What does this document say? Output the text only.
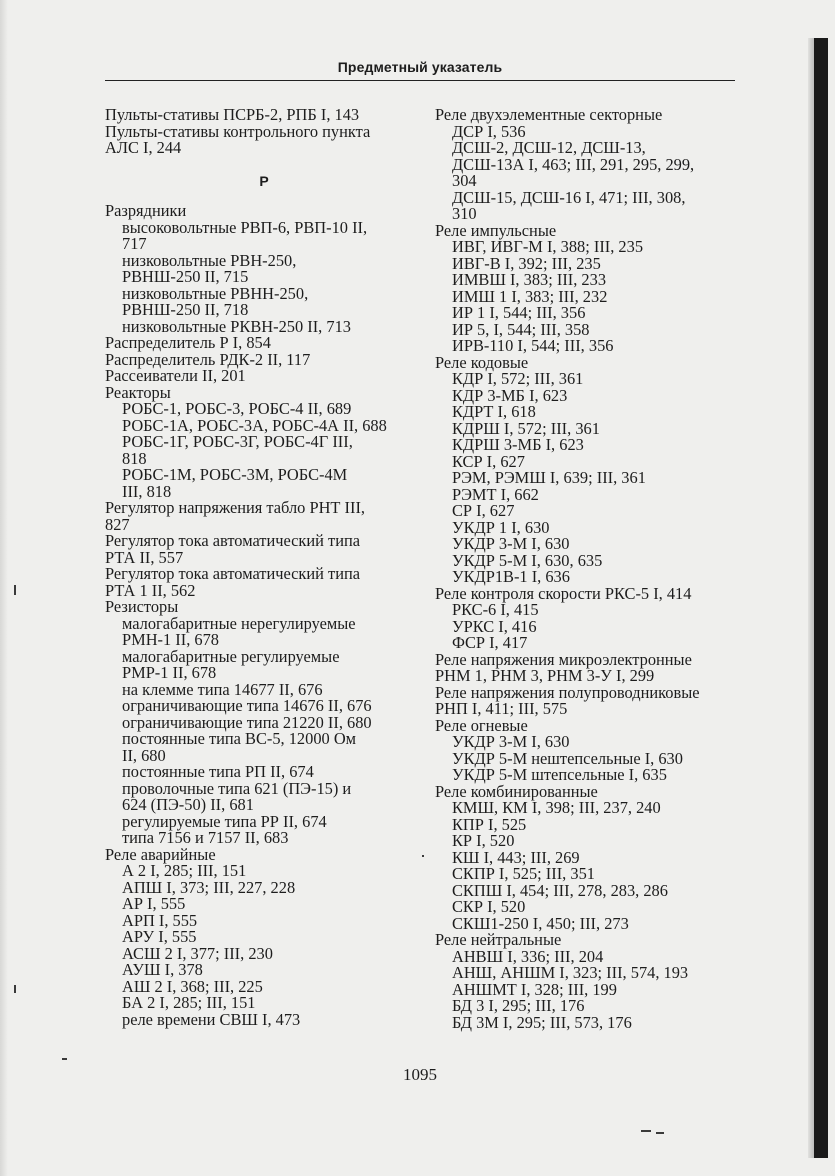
Предметный указатель
Пульты-стативы ПСРБ-2, РПБ I, 143
Пульты-стативы контрольного пункта
АЛС I, 244
Р
Разрядники
высоковольтные РВП-6, РВП-10 II,
717
низковольтные РВН-250,
РВНШ-250 II, 715
низковольтные РВНН-250,
РВНШ-250 II, 718
низковольтные РКВН-250 II, 713
Распределитель Р I, 854
Распределитель РДК-2 II, 117
Рассеиватели II, 201
Реакторы
РОБС-1, РОБС-3, РОБС-4 II, 689
РОБС-1А, РОБС-3А, РОБС-4А II, 688
РОБС-1Г, РОБС-3Г, РОБС-4Г III,
818
РОБС-1М, РОБС-3М, РОБС-4М
III, 818
Регулятор напряжения табло РНТ III,
827
Регулятор тока автоматический типа
РТА II, 557
Регулятор тока автоматический типа
РТА 1 II, 562
Резисторы
малогабаритные нерегулируемые
РМН-1 II, 678
малогабаритные регулируемые
РМР-1 II, 678
на клемме типа 14677 II, 676
ограничивающие типа 14676 II, 676
ограничивающие типа 21220 II, 680
постоянные типа ВС-5, 12000 Ом
II, 680
постоянные типа РП II, 674
проволочные типа 621 (ПЭ-15) и
624 (ПЭ-50) II, 681
регулируемые типа РР II, 674
типа 7156 и 7157 II, 683
Реле аварийные
А 2 I, 285; III, 151
АПШ I, 373; III, 227, 228
АР I, 555
АРП I, 555
АРУ I, 555
АСШ 2 I, 377; III, 230
АУШ I, 378
АШ 2 I, 368; III, 225
БА 2 I, 285; III, 151
реле времени СВШ I, 473
Реле двухэлементные секторные
ДСР I, 536
ДСШ-2, ДСШ-12, ДСШ-13,
ДСШ-13А I, 463; III, 291, 295, 299,
304
ДСШ-15, ДСШ-16 I, 471; III, 308,
310
Реле импульсные
ИВГ, ИВГ-М I, 388; III, 235
ИВГ-В I, 392; III, 235
ИМВШ I, 383; III, 233
ИМШ 1 I, 383; III, 232
ИР 1 I, 544; III, 356
ИР 5, I, 544; III, 358
ИРВ-110 I, 544; III, 356
Реле кодовые
КДР I, 572; III, 361
КДР 3-МБ I, 623
КДРТ I, 618
КДРШ I, 572; III, 361
КДРШ 3-МБ I, 623
КСР I, 627
РЭМ, РЭМШ I, 639; III, 361
РЭМТ I, 662
СР I, 627
УКДР 1 I, 630
УКДР 3-М I, 630
УКДР 5-М I, 630, 635
УКДР1В-1 I, 636
Реле контроля скорости РКС-5 I, 414
РКС-6 I, 415
УРКС I, 416
ФСР I, 417
Реле напряжения микроэлектронные
РНМ 1, РНМ 3, РНМ 3-У I, 299
Реле напряжения полупроводниковые
РНП I, 411; III, 575
Реле огневые
УКДР 3-М I, 630
УКДР 5-М нештепсельные I, 630
УКДР 5-М штепсельные I, 635
Реле комбинированные
КМШ, КМ I, 398; III, 237, 240
КПР I, 525
КР I, 520
КШ I, 443; III, 269
СКПР I, 525; III, 351
СКПШ I, 454; III, 278, 283, 286
СКР I, 520
СКШ1-250 I, 450; III, 273
Реле нейтральные
АНВШ I, 336; III, 204
АНШ, АНШМ I, 323; III, 574, 193
АНШМТ I, 328; III, 199
БД 3 I, 295; III, 176
БД 3М I, 295; III, 573, 176
1095
